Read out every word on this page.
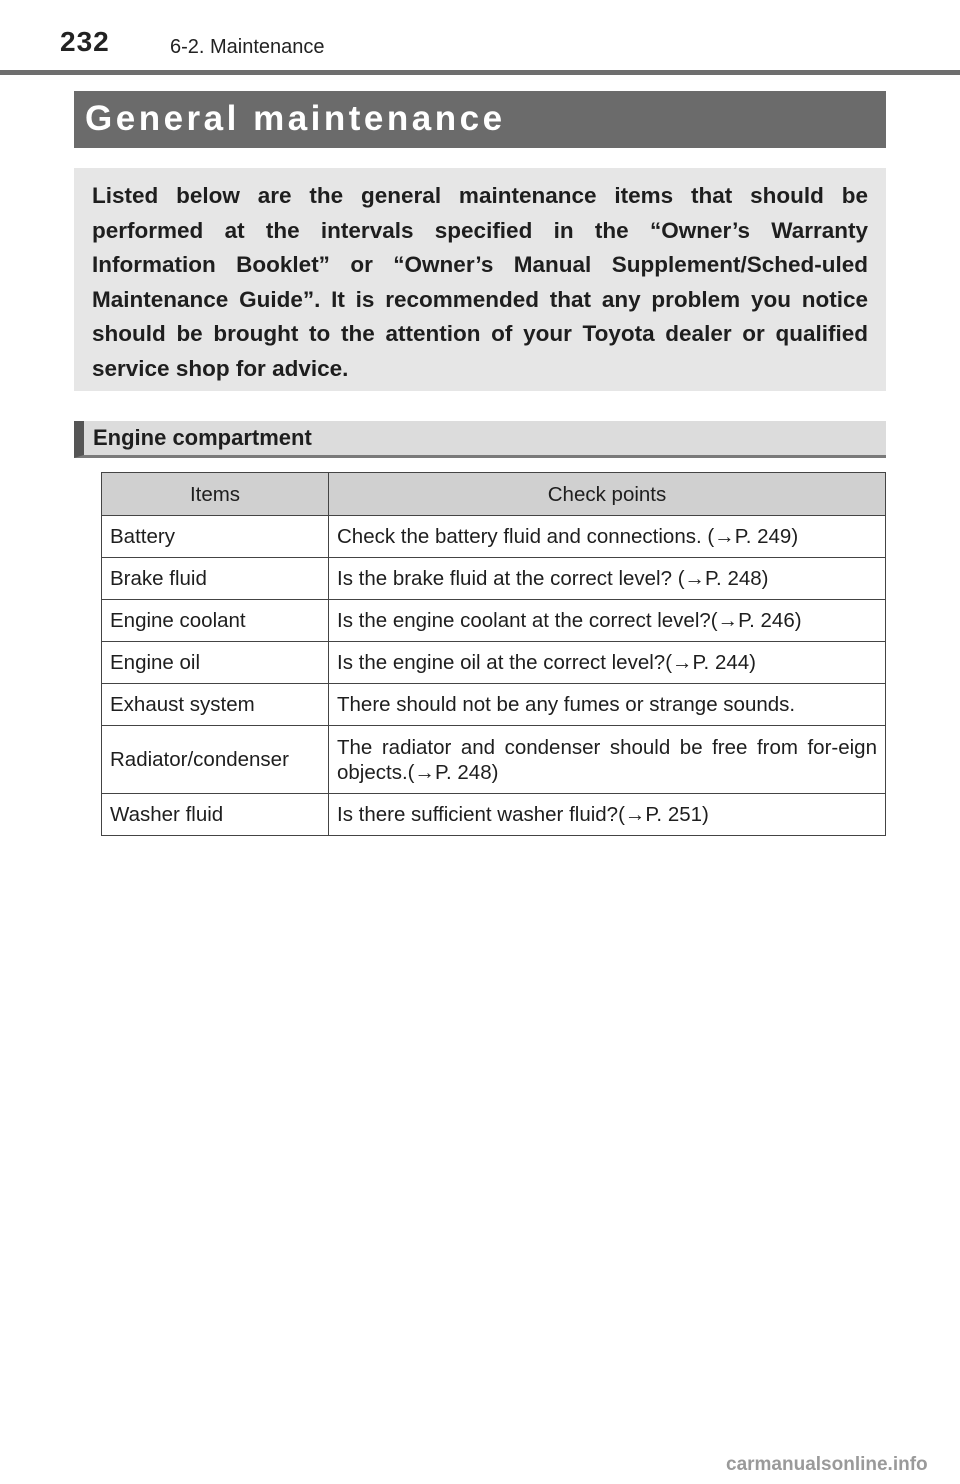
232	6-2. Maintenance
General maintenance

Listed below are the general maintenance items that should be performed at the intervals specified in the “Owner’s Warranty Information Booklet” or “Owner’s Manual Supplement/Sched-uled Maintenance Guide”. It is recommended that any problem you notice should be brought to the attention of your Toyota dealer or qualified service shop for advice.

Engine compartment
Items	Check points
Battery	Check the battery fluid and connections. (→P. 249)
Brake fluid	Is the brake fluid at the correct level? (→P. 248)
Engine coolant	Is the engine coolant at the correct level?(→P. 246)
Engine oil	Is the engine oil at the correct level?(→P. 244)
Exhaust system	There should not be any fumes or strange sounds.
Radiator/condenser	The radiator and condenser should be free from for-eign objects.(→P. 248)
Washer fluid	Is there sufficient washer fluid?(→P. 251)
carmanualsonline.info
